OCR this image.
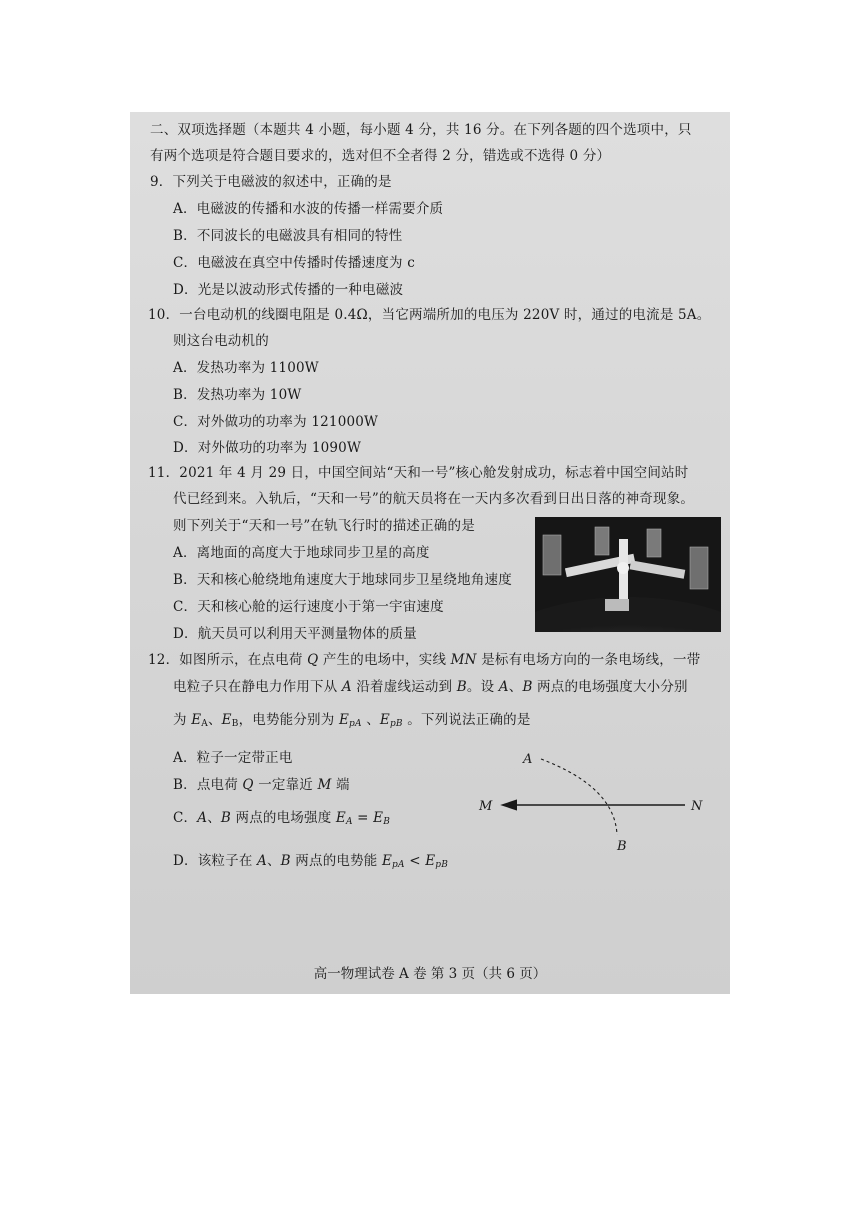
二、双项选择题（本题共 4 小题，每小题 4 分，共 16 分。在下列各题的四个选项中，只
有两个选项是符合题目要求的，选对但不全者得 2 分，错选或不选得 0 分）
9．下列关于电磁波的叙述中，正确的是
A．电磁波的传播和水波的传播一样需要介质
B．不同波长的电磁波具有相同的特性
C．电磁波在真空中传播时传播速度为 c
D．光是以波动形式传播的一种电磁波
10．一台电动机的线圈电阻是 0.4Ω，当它两端所加的电压为 220V 时，通过的电流是 5A。
则这台电动机的
A．发热功率为 1100W
B．发热功率为 10W
C．对外做功的功率为 121000W
D．对外做功的功率为 1090W
11．2021 年 4 月 29 日，中国空间站“天和一号”核心舱发射成功，标志着中国空间站时
代已经到来。入轨后，“天和一号”的航天员将在一天内多次看到日出日落的神奇现象。
则下列关于“天和一号”在轨飞行时的描述正确的是
A．离地面的高度大于地球同步卫星的高度
B．天和核心舱绕地角速度大于地球同步卫星绕地角速度
C．天和核心舱的运行速度小于第一宇宙速度
D．航天员可以利用天平测量物体的质量
12．如图所示，在点电荷 Q 产生的电场中，实线 MN 是标有电场方向的一条电场线，一带
电粒子只在静电力作用下从 A 沿着虚线运动到 B。设 A、B 两点的电场强度大小分别
为 $E_A$、$E_B$，电势能分别为 $E_{pA}$ 、$E_{pB}$ 。下列说法正确的是
A．粒子一定带正电
B．点电荷 Q 一定靠近 M 端
C．A、B 两点的电场强度 $E_A = E_B$
D．该粒子在 A、B 两点的电势能 $E_{pA} < E_{pB}$
A
B
M	N
高一物理试卷 A 卷 第 3 页（共 6 页）
